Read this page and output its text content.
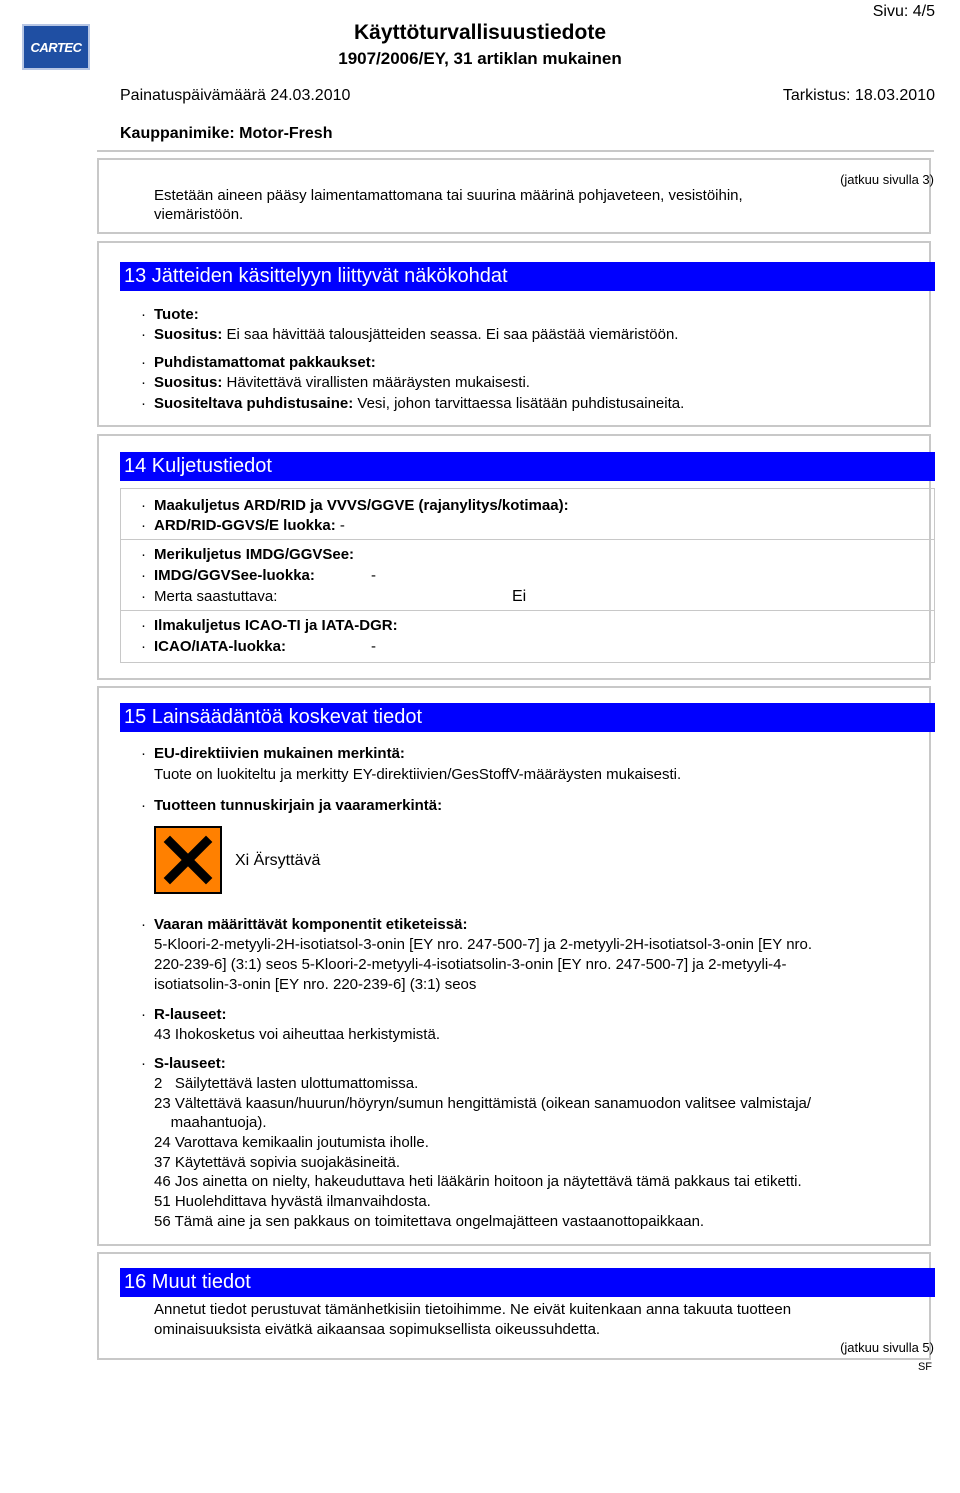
CARTEC
Sivu: 4/5
Käyttöturvallisuustiedote
1907/2006/EY, 31 artiklan mukainen
Painatuspäivämäärä 24.03.2010	Tarkistus: 18.03.2010
Kauppanimike: Motor-Fresh
(jatkuu sivulla 3)
Estetään aineen pääsy laimentamattomana tai suurina määrinä pohjaveteen, vesistöihin,
viemäristöön.
13 Jätteiden käsittelyyn liittyvät näkökohdat
· Tuote:
· Suositus: Ei saa hävittää talousjätteiden seassa. Ei saa päästää viemäristöön.
· Puhdistamattomat pakkaukset:
· Suositus: Hävitettävä virallisten määräysten mukaisesti.
· Suositeltava puhdistusaine: Vesi, johon tarvittaessa lisätään puhdistusaineita.
14 Kuljetustiedot
· Maakuljetus ARD/RID ja VVVS/GGVE (rajanylitys/kotimaa):
· ARD/RID-GGVS/E luokka: -
· Merikuljetus IMDG/GGVSee:
· IMDG/GGVSee-luokka:	-
· Merta saastuttava:	Ei
· Ilmakuljetus ICAO-TI ja IATA-DGR:
· ICAO/IATA-luokka:	-
15 Lainsäädäntöä koskevat tiedot
· EU-direktiivien mukainen merkintä:
Tuote on luokiteltu ja merkitty EY-direktiivien/GesStoffV-määräysten mukaisesti.
· Tuotteen tunnuskirjain ja vaaramerkintä:
Xi Ärsyttävä
· Vaaran määrittävät komponentit etiketeissä:
5-Kloori-2-metyyli-2H-isotiatsol-3-onin [EY nro. 247-500-7] ja 2-metyyli-2H-isotiatsol-3-onin [EY nro.
220-239-6] (3:1) seos 5-Kloori-2-metyyli-4-isotiatsolin-3-onin [EY nro. 247-500-7] ja 2-metyyli-4-
isotiatsolin-3-onin [EY nro. 220-239-6] (3:1) seos
· R-lauseet:
43 Ihokosketus voi aiheuttaa herkistymistä.
· S-lauseet:
2   Säilytettävä lasten ulottumattomissa.
23 Vältettävä kaasun/huurun/höyryn/sumun hengittämistä (oikean sanamuodon valitsee valmistaja/
maahantuoja).
24 Varottava kemikaalin joutumista iholle.
37 Käytettävä sopivia suojakäsineitä.
46 Jos ainetta on nielty, hakeuduttava heti lääkärin hoitoon ja näytettävä tämä pakkaus tai etiketti.
51 Huolehdittava hyvästä ilmanvaihdosta.
56 Tämä aine ja sen pakkaus on toimitettava ongelmajätteen vastaanottopaikkaan.
16 Muut tiedot
Annetut tiedot perustuvat tämänhetkisiin tietoihimme. Ne eivät kuitenkaan anna takuuta tuotteen
ominaisuuksista eivätkä aikaansaa sopimuksellista oikeussuhdetta.
(jatkuu sivulla 5)
SF
